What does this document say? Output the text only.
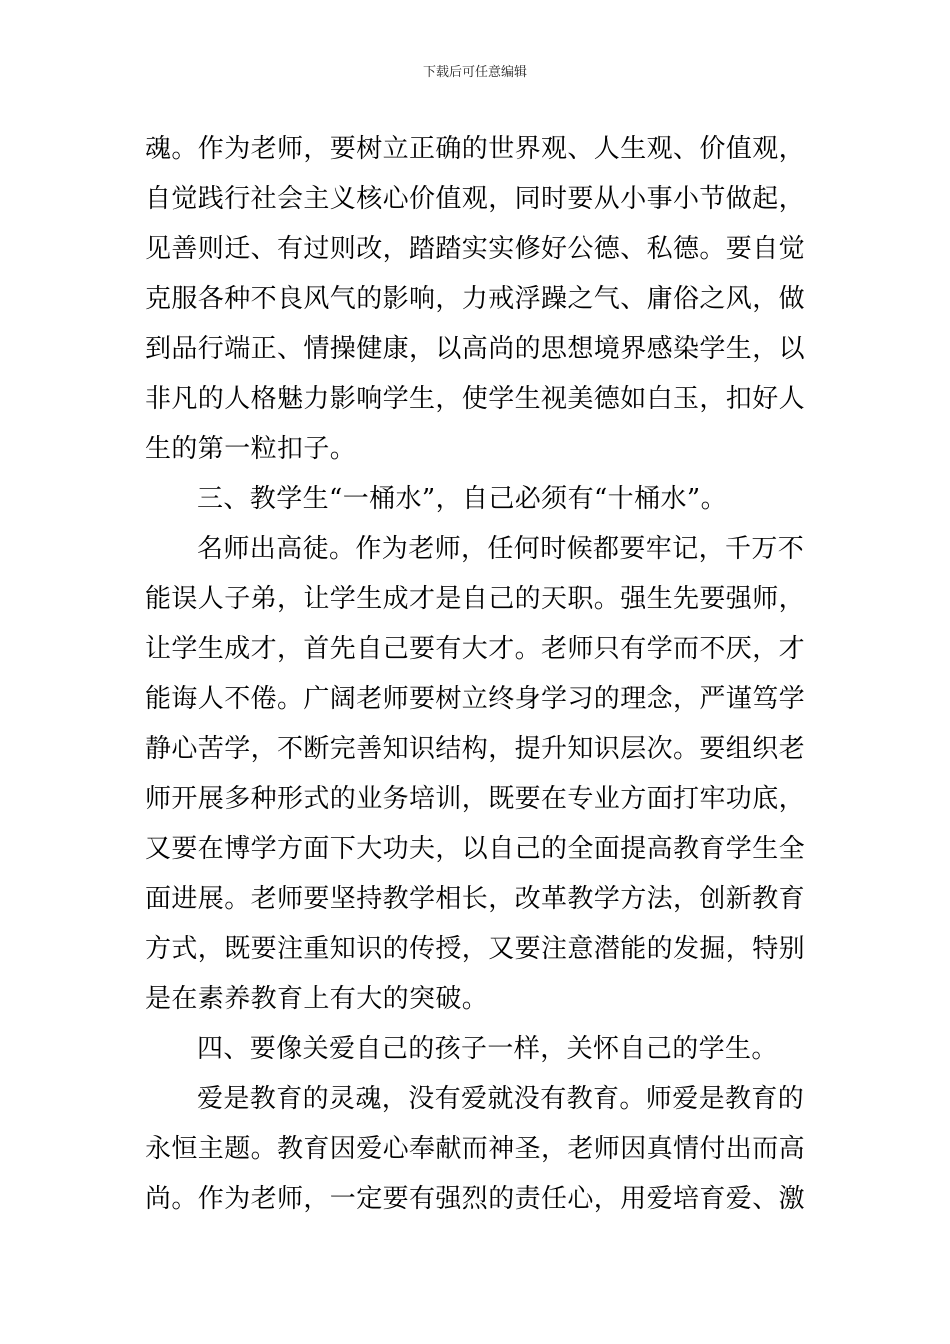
下载后可任意编辑
魂。作为老师，要树立正确的世界观、人生观、价值观，
自觉践行社会主义核心价值观，同时要从小事小节做起，
见善则迁、有过则改，踏踏实实修好公德、私德。要自觉
克服各种不良风气的影响，力戒浮躁之气、庸俗之风，做
到品行端正、情操健康，以高尚的思想境界感染学生，以
非凡的人格魅力影响学生，使学生视美德如白玉，扣好人
生的第一粒扣子。
三、教学生“一桶水”，自己必须有“十桶水”。
名师出高徒。作为老师，任何时候都要牢记，千万不
能误人子弟，让学生成才是自己的天职。强生先要强师，
让学生成才，首先自己要有大才。老师只有学而不厌，才
能诲人不倦。广阔老师要树立终身学习的理念，严谨笃学
静心苦学，不断完善知识结构，提升知识层次。要组织老
师开展多种形式的业务培训，既要在专业方面打牢功底，
又要在博学方面下大功夫，以自己的全面提高教育学生全
面进展。老师要坚持教学相长，改革教学方法，创新教育
方式，既要注重知识的传授，又要注意潜能的发掘，特别
是在素养教育上有大的突破。
四、要像关爱自己的孩子一样，关怀自己的学生。
爱是教育的灵魂，没有爱就没有教育。师爱是教育的
永恒主题。教育因爱心奉献而神圣，老师因真情付出而高
尚。作为老师，一定要有强烈的责任心，用爱培育爱、激
